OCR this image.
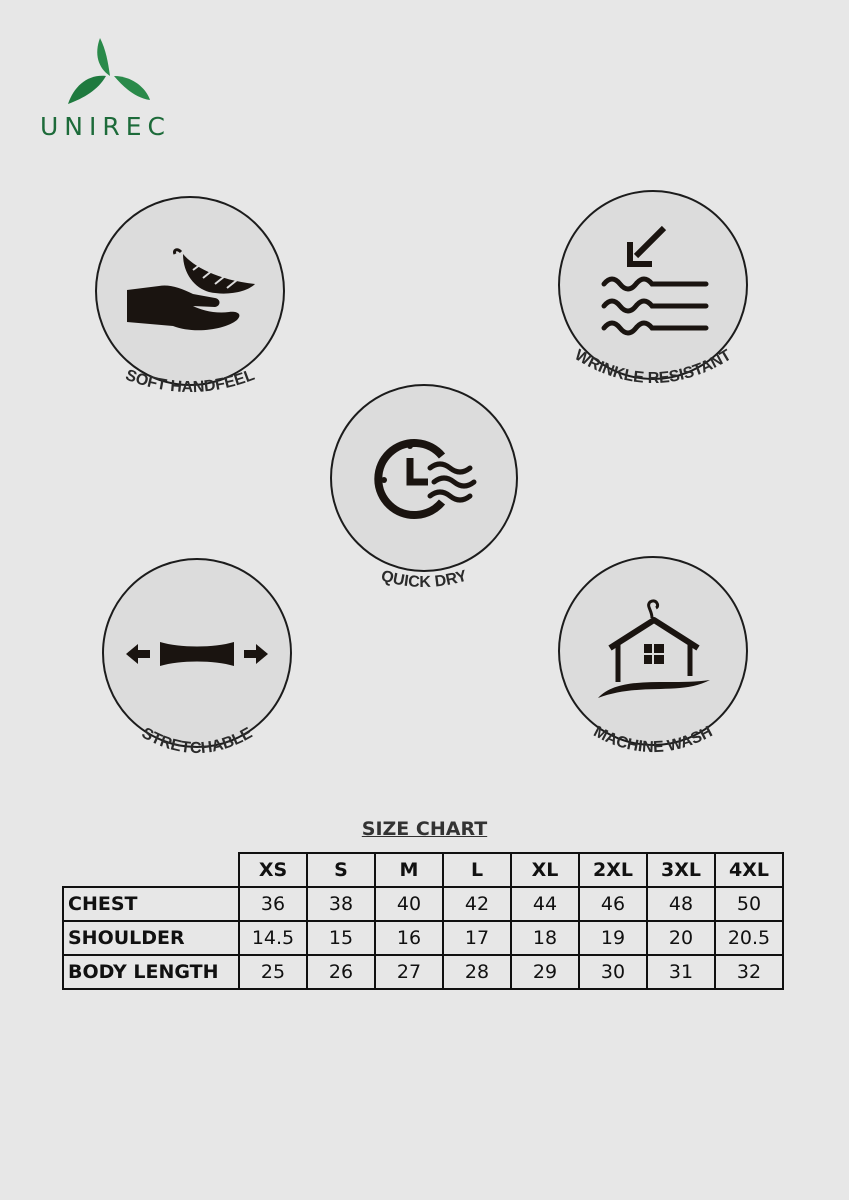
UNIREC
SOFT HANDFEEL
WRINKLE RESISTANT
QUICK DRY
STRETCHABLE	MACHINE WASH
SIZE CHART
	XS	S	M	L	XL	2XL	3XL	4XL
CHEST	36	38	40	42	44	46	48	50
SHOULDER	14.5	15	16	17	18	19	20	20.5
BODY LENGTH	25	26	27	28	29	30	31	32
